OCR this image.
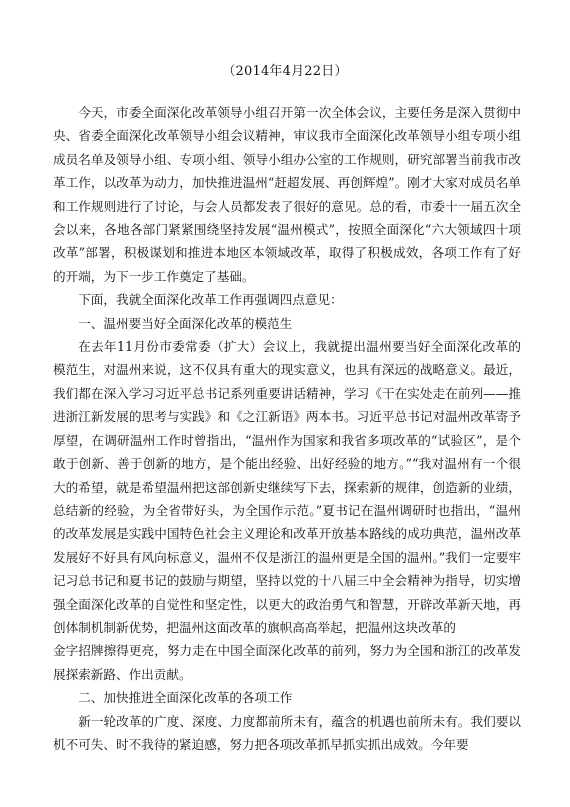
（2014年4月22日）

今天，市委全面深化改革领导小组召开第一次全体会议，主要任务是深入贯彻中央、省委全面深化改革领导小组会议精神，审议我市全面深化改革领导小组专项小组成员名单及领导小组、专项小组、领导小组办公室的工作规则，研究部署当前我市改革工作，以改革为动力，加快推进温州“赶超发展、再创辉煌”。刚才大家对成员名单和工作规则进行了讨论，与会人员都发表了很好的意见。总的看，市委十一届五次全会以来，各地各部门紧紧围绕坚持发展“温州模式”，按照全面深化“六大领域四十项改革”部署，积极谋划和推进本地区本领域改革，取得了积极成效，各项工作有了好的开端，为下一步工作奠定了基础。

下面，我就全面深化改革工作再强调四点意见：

一、温州要当好全面深化改革的模范生

在去年11月份市委常委（扩大）会议上，我就提出温州要当好全面深化改革的模范生，对温州来说，这不仅具有重大的现实意义，也具有深远的战略意义。最近，我们都在深入学习习近平总书记系列重要讲话精神，学习《干在实处走在前列——推进浙江新发展的思考与实践》和《之江新语》两本书。习近平总书记对温州改革寄予厚望，在调研温州工作时曾指出，“温州作为国家和我省多项改革的“试验区”，是个敢于创新、善于创新的地方，是个能出经验、出好经验的地方。”“我对温州有一个很大的希望，就是希望温州把这部创新史继续写下去，探索新的规律，创造新的业绩，总结新的经验，为全省带好头，为全国作示范。”夏书记在温州调研时也指出，“温州的改革发展是实践中国特色社会主义理论和改革开放基本路线的成功典范，温州改革发展好不好具有风向标意义，温州不仅是浙江的温州更是全国的温州。”我们一定要牢记习总书记和夏书记的鼓励与期望，坚持以党的十八届三中全会精神为指导，切实增强全面深化改革的自觉性和坚定性，以更大的政治勇气和智慧，开辟改革新天地，再创体制机制新优势，把温州这面改革的旗帜高高举起，把温州这块改革的

金字招牌擦得更亮，努力走在中国全面深化改革的前列，努力为全国和浙江的改革发展探索新路、作出贡献。

二、加快推进全面深化改革的各项工作

新一轮改革的广度、深度、力度都前所未有，蕴含的机遇也前所未有。我们要以机不可失、时不我待的紧迫感，努力把各项改革抓早抓实抓出成效。今年要
